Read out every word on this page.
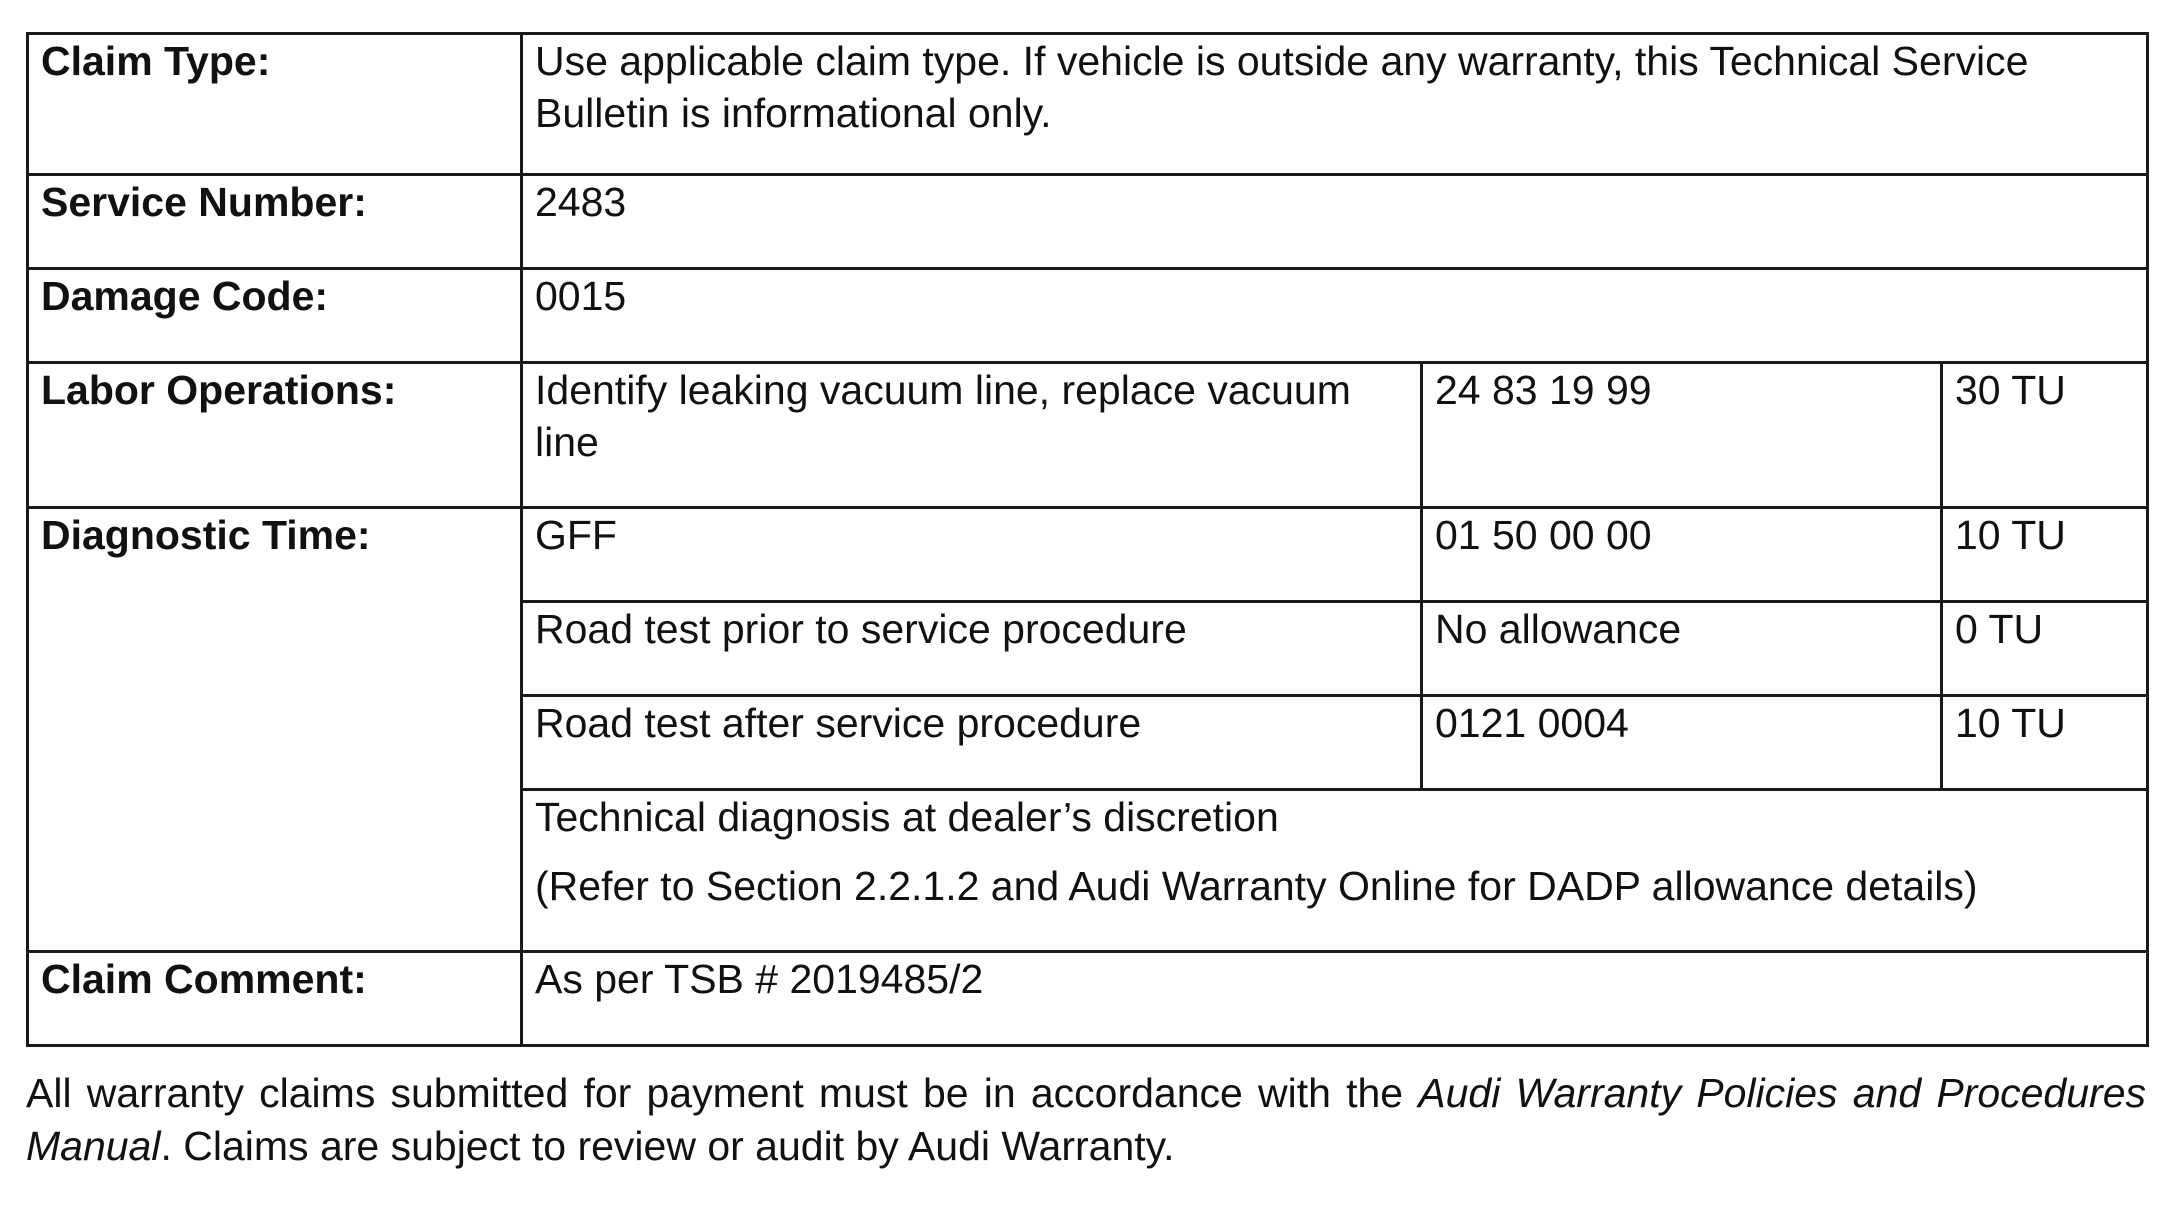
Claim Type:	Use applicable claim type. If vehicle is outside any warranty, this Technical Service Bulletin is informational only.		
Service Number:	2483		
Damage Code:	0015		
Labor Operations:	Identify leaking vacuum line, replace vacuum line	24 83 19 99	30 TU
Diagnostic Time:	GFF	01 50 00 00	10 TU
	Road test prior to service procedure	No allowance	0 TU
	Road test after service procedure	0121 0004	10 TU

	Technical diagnosis at dealer’s discretion
(Refer to Section 2.2.1.2 and Audi Warranty Online for DADP allowance details)		

Claim Comment:	As per TSB # 2019485/2		

All warranty claims submitted for payment must be in accordance with the Audi Warranty Policies and Procedures Manual. Claims are subject to review or audit by Audi Warranty.
